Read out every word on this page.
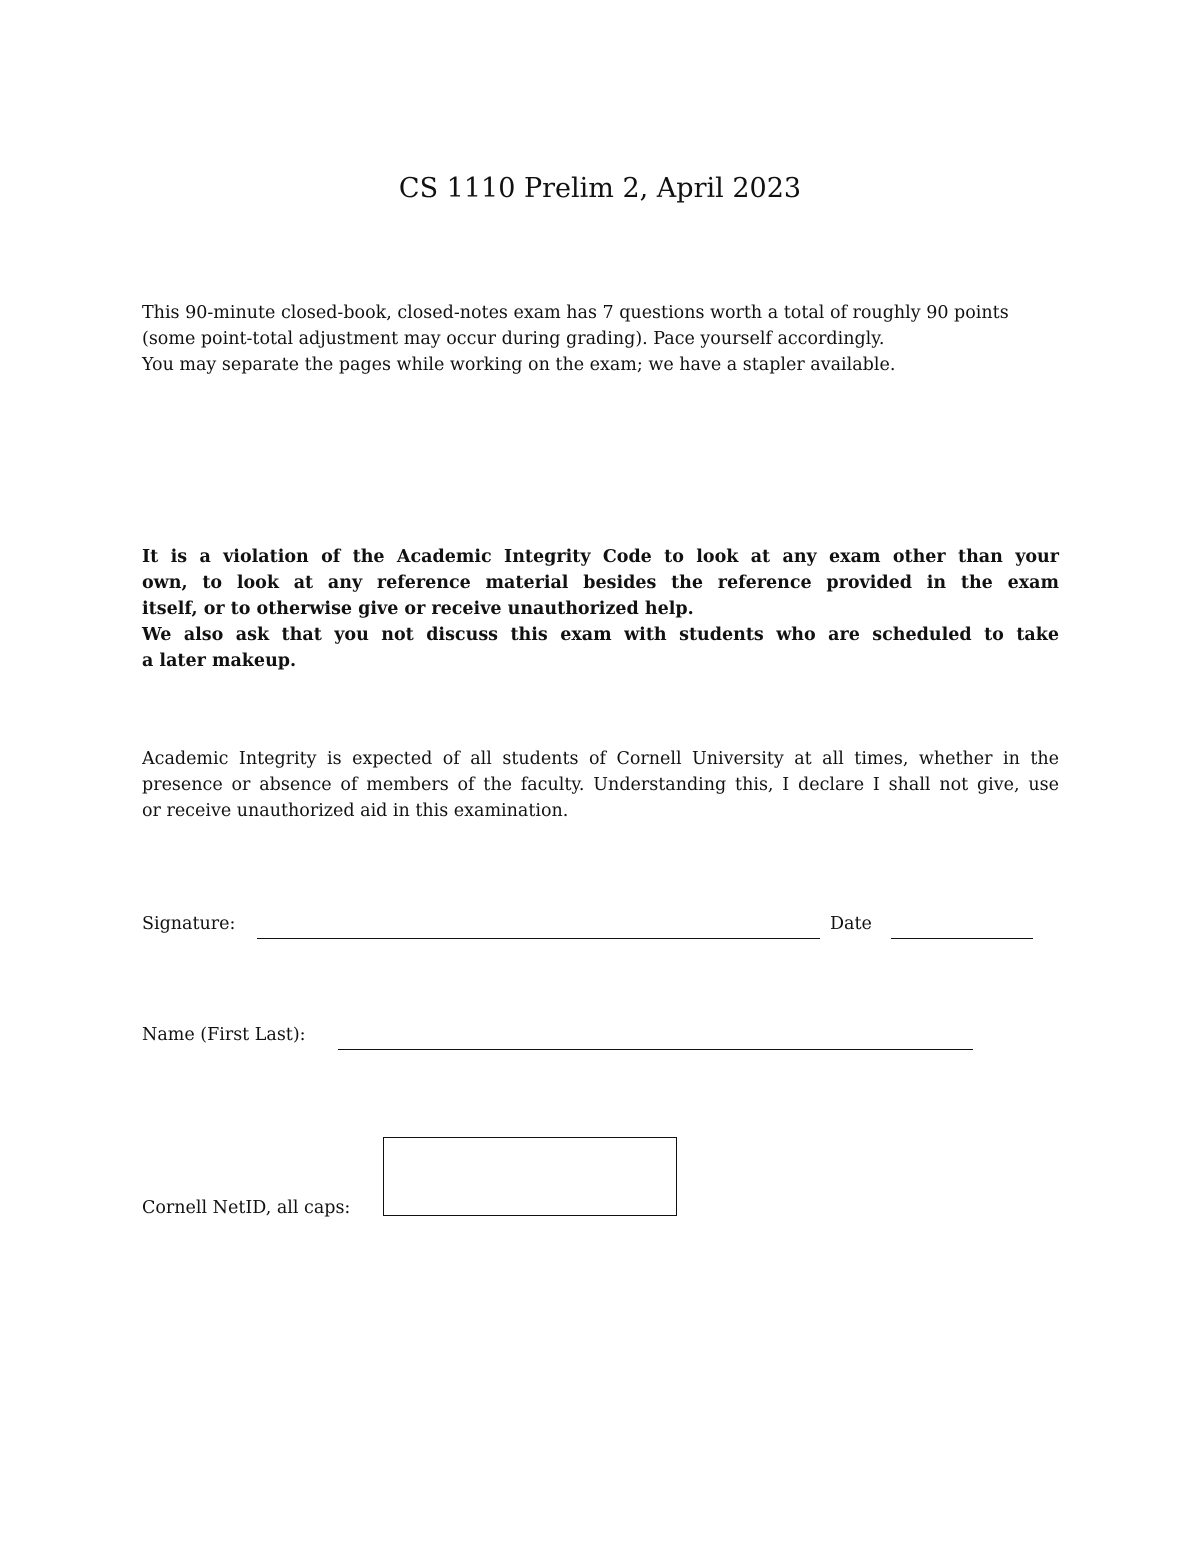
CS 1110 Prelim 2, April 2023

This 90-minute closed-book, closed-notes exam has 7 questions worth a total of roughly 90 points
(some point-total adjustment may occur during grading). Pace yourself accordingly.
You may separate the pages while working on the exam; we have a stapler available.

It is a violation of the Academic Integrity Code to look at any exam other than your
own, to look at any reference material besides the reference provided in the exam
itself, or to otherwise give or receive unauthorized help.
We also ask that you not discuss this exam with students who are scheduled to take
a later makeup.

Academic Integrity is expected of all students of Cornell University at all times, whether in the
presence or absence of members of the faculty. Understanding this, I declare I shall not give, use
or receive unauthorized aid in this examination.

Signature:	Date
Name (First Last):
Cornell NetID, all caps:
